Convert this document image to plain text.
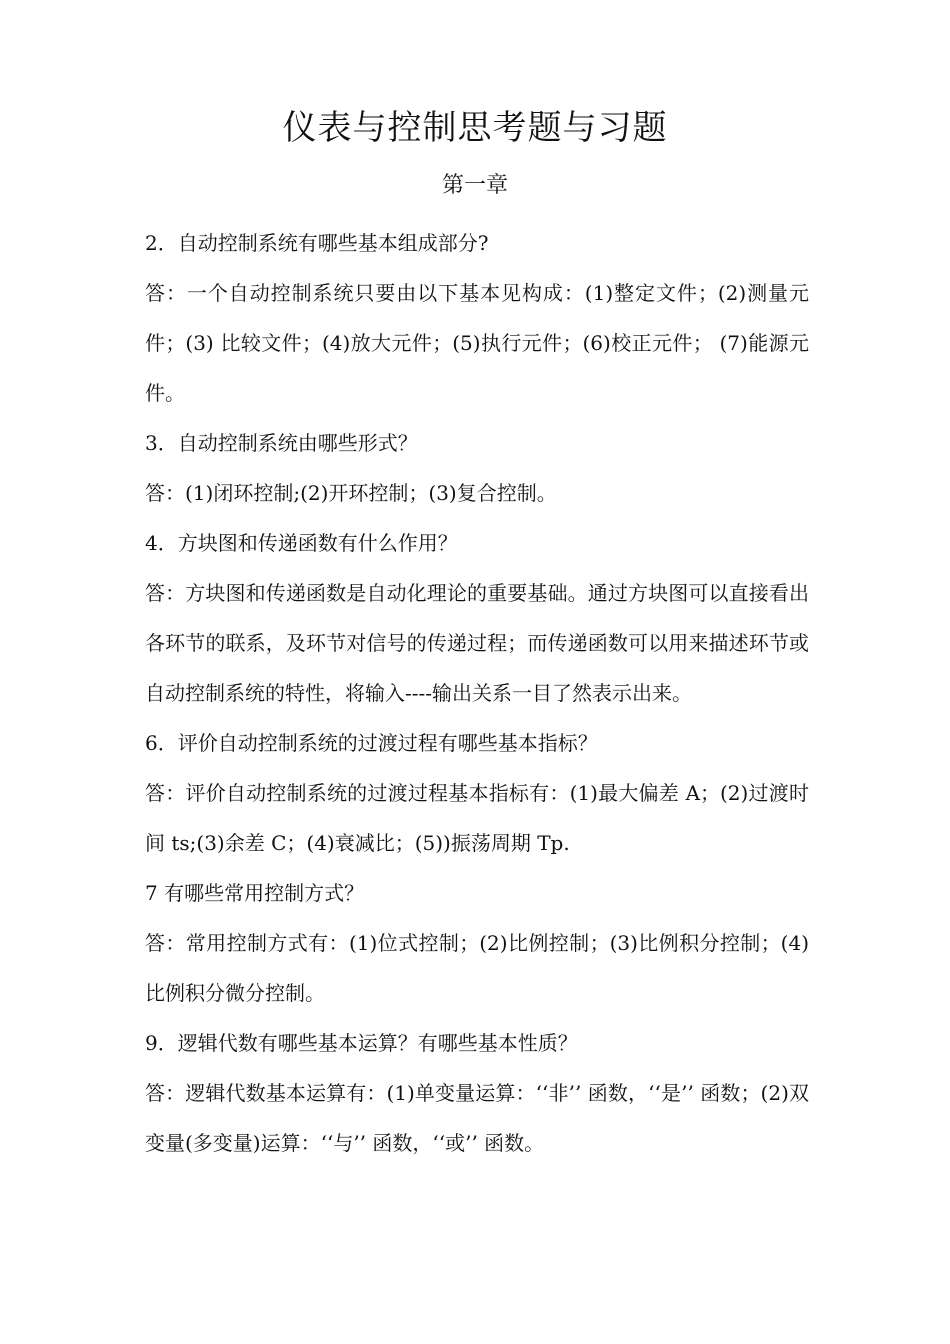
仪表与控制思考题与习题
第一章

2．自动控制系统有哪些基本组成部分?

答：一个自动控制系统只要由以下基本见构成：(1)整定文件；(2)测量元件；(3) 比较文件；(4)放大元件；(5)执行元件；(6)校正元件； (7)能源元件。

3．自动控制系统由哪些形式？

答：(1)闭环控制;(2)开环控制；(3)复合控制。

4．方块图和传递函数有什么作用？

答：方块图和传递函数是自动化理论的重要基础。通过方块图可以直接看出各环节的联系，及环节对信号的传递过程；而传递函数可以用来描述环节或自动控制系统的特性，将输入----输出关系一目了然表示出来。

6．评价自动控制系统的过渡过程有哪些基本指标？

答：评价自动控制系统的过渡过程基本指标有：(1)最大偏差 A；(2)过渡时间 ts;(3)余差 C；(4)衰减比；(5))振荡周期 Tp.

7 有哪些常用控制方式？

答：常用控制方式有：(1)位式控制；(2)比例控制；(3)比例积分控制；(4)比例积分微分控制。

9．逻辑代数有哪些基本运算？有哪些基本性质？

答：逻辑代数基本运算有：(1)单变量运算：‘‘非’’ 函数，‘‘是’’ 函数；(2)双变量(多变量)运算：‘‘与’’ 函数，‘‘或’’ 函数。
